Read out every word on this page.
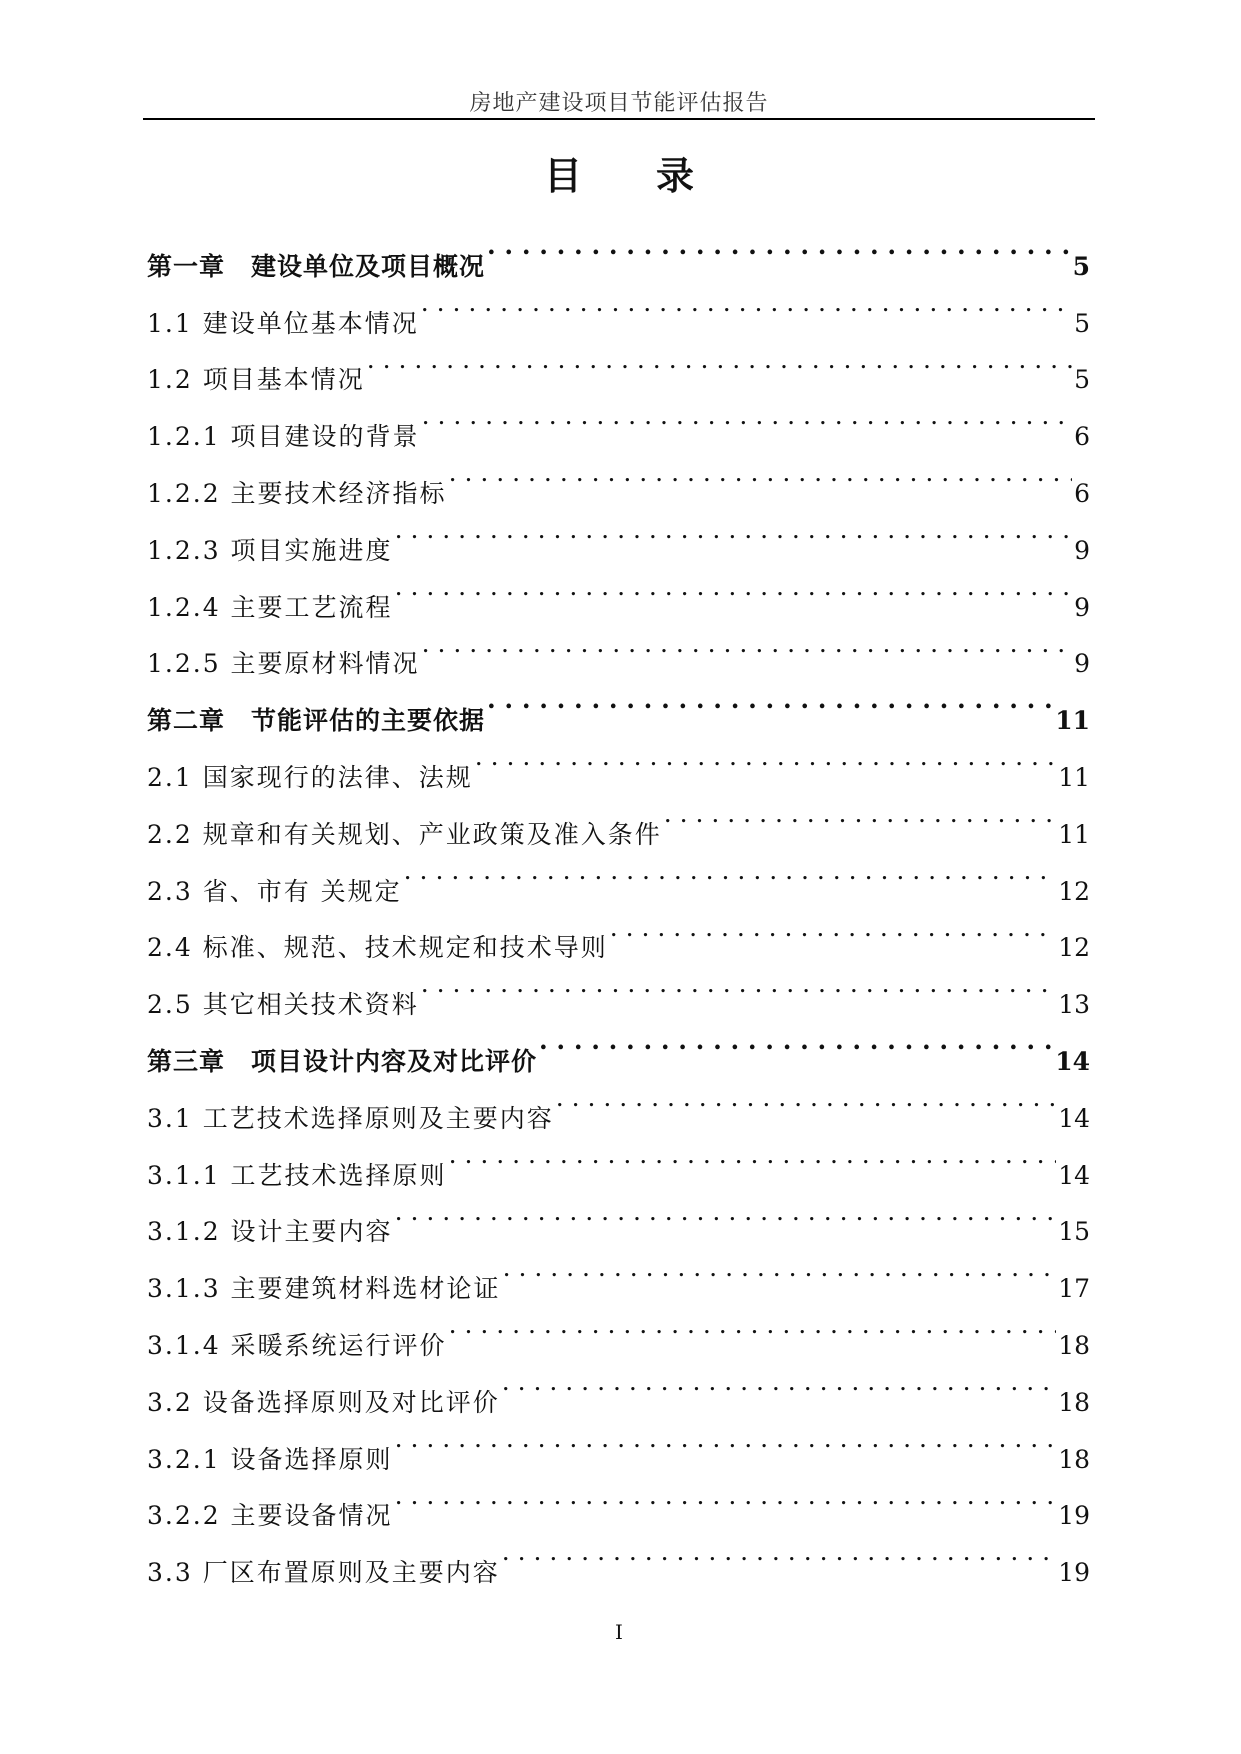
房地产建设项目节能评估报告
目录
第一章　建设单位及项目概况 . . .	5
1.1 建设单位基本情况 . . .	5
1.2 项目基本情况 . . .	5
1.2.1 项目建设的背景 . . .	6
1.2.2 主要技术经济指标 . . .	6
1.2.3 项目实施进度 . . .	9
1.2.4 主要工艺流程 . . .	9
1.2.5 主要原材料情况 . . .	9
第二章　节能评估的主要依据 . . .	11
2.1 国家现行的法律、法规 . . .	11
2.2 规章和有关规划、产业政策及准入条件 . . .	11
2.3 省、市有 关规定 . . .	12
2.4 标准、规范、技术规定和技术导则 . . .	12
2.5 其它相关技术资料 . . .	13
第三章　项目设计内容及对比评价 . . .	14
3.1 工艺技术选择原则及主要内容 . . .	14
3.1.1 工艺技术选择原则 . . .	14
3.1.2 设计主要内容 . . .	15
3.1.3 主要建筑材料选材论证 . . .	17
3.1.4 采暖系统运行评价 . . .	18
3.2 设备选择原则及对比评价 . . .	18
3.2.1 设备选择原则 . . .	18
3.2.2 主要设备情况 . . .	19
3.3 厂区布置原则及主要内容 . . .	19
I
